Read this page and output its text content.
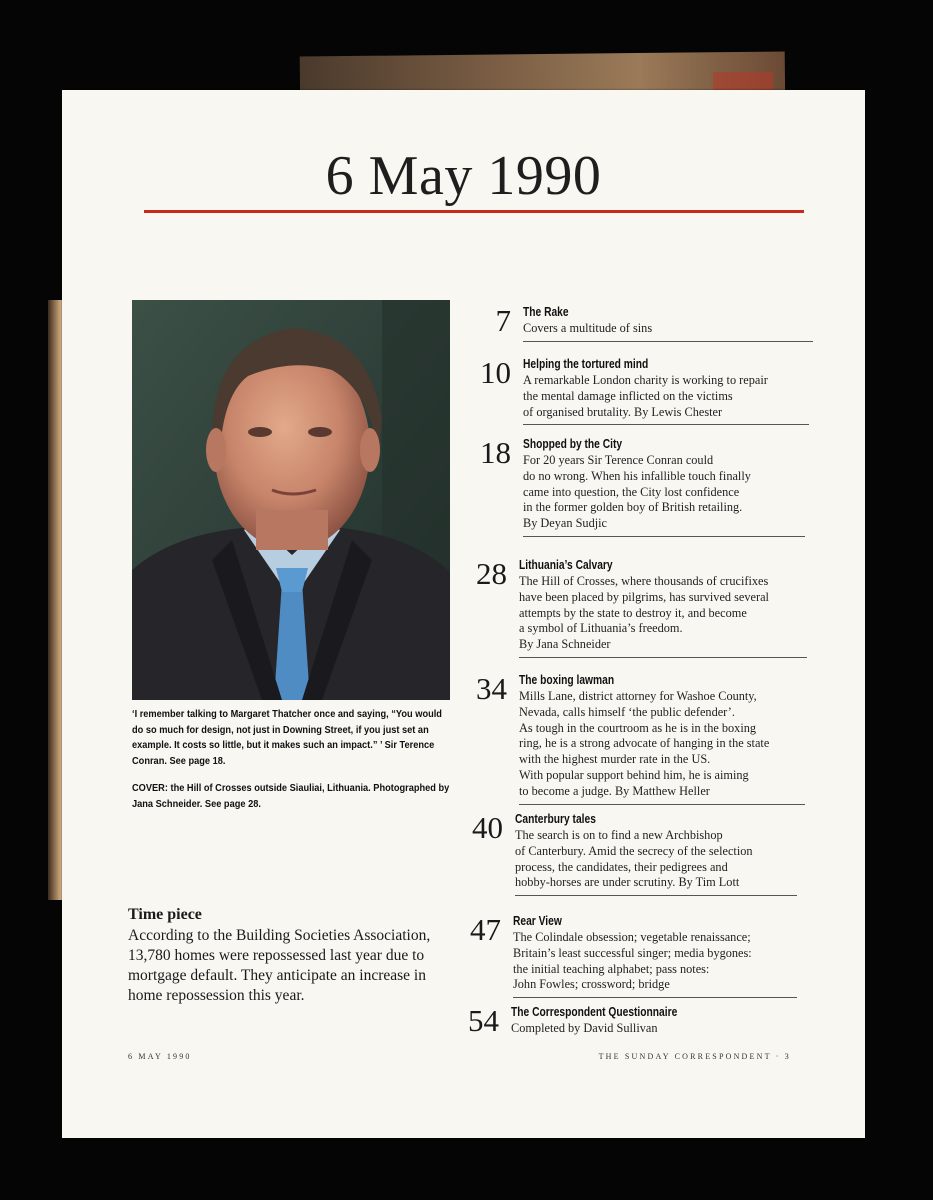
6 May 1990

‘I remember talking to Margaret Thatcher once and saying, “You would do so much for design, not just in Downing Street, if you just set an example. It costs so little, but it makes such an impact.” ’ Sir Terence Conran. See page 18.

COVER: the Hill of Crosses outside Siauliai, Lithuania. Photographed by Jana Schneider. See page 28.

Time piece
According to the Building Societies Association, 13,780 homes were repossessed last year due to mortgage default. They anticipate an increase in home repossession this year.
7 The Rake
Covers a multitude of sins
10 Helping the tortured mind
A remarkable London charity is working to repair
the mental damage inflicted on the victims
of organised brutality. By Lewis Chester
18 Shopped by the City
For 20 years Sir Terence Conran could
do no wrong. When his infallible touch finally
came into question, the City lost confidence
in the former golden boy of British retailing.
By Deyan Sudjic
28 Lithuania’s Calvary
The Hill of Crosses, where thousands of crucifixes
have been placed by pilgrims, has survived several
attempts by the state to destroy it, and become
a symbol of Lithuania’s freedom.
By Jana Schneider
34 The boxing lawman
Mills Lane, district attorney for Washoe County,
Nevada, calls himself ‘the public defender’.
As tough in the courtroom as he is in the boxing
ring, he is a strong advocate of hanging in the state
with the highest murder rate in the US.
With popular support behind him, he is aiming
to become a judge. By Matthew Heller
40 Canterbury tales
The search is on to find a new Archbishop
of Canterbury. Amid the secrecy of the selection
process, the candidates, their pedigrees and
hobby-horses are under scrutiny. By Tim Lott
47 Rear View
The Colindale obsession; vegetable renaissance;
Britain’s least successful singer; media bygones:
the initial teaching alphabet; pass notes:
John Fowles; crossword; bridge
54 The Correspondent Questionnaire
Completed by David Sullivan
6 MAY 1990	THE SUNDAY CORRESPONDENT · 3
